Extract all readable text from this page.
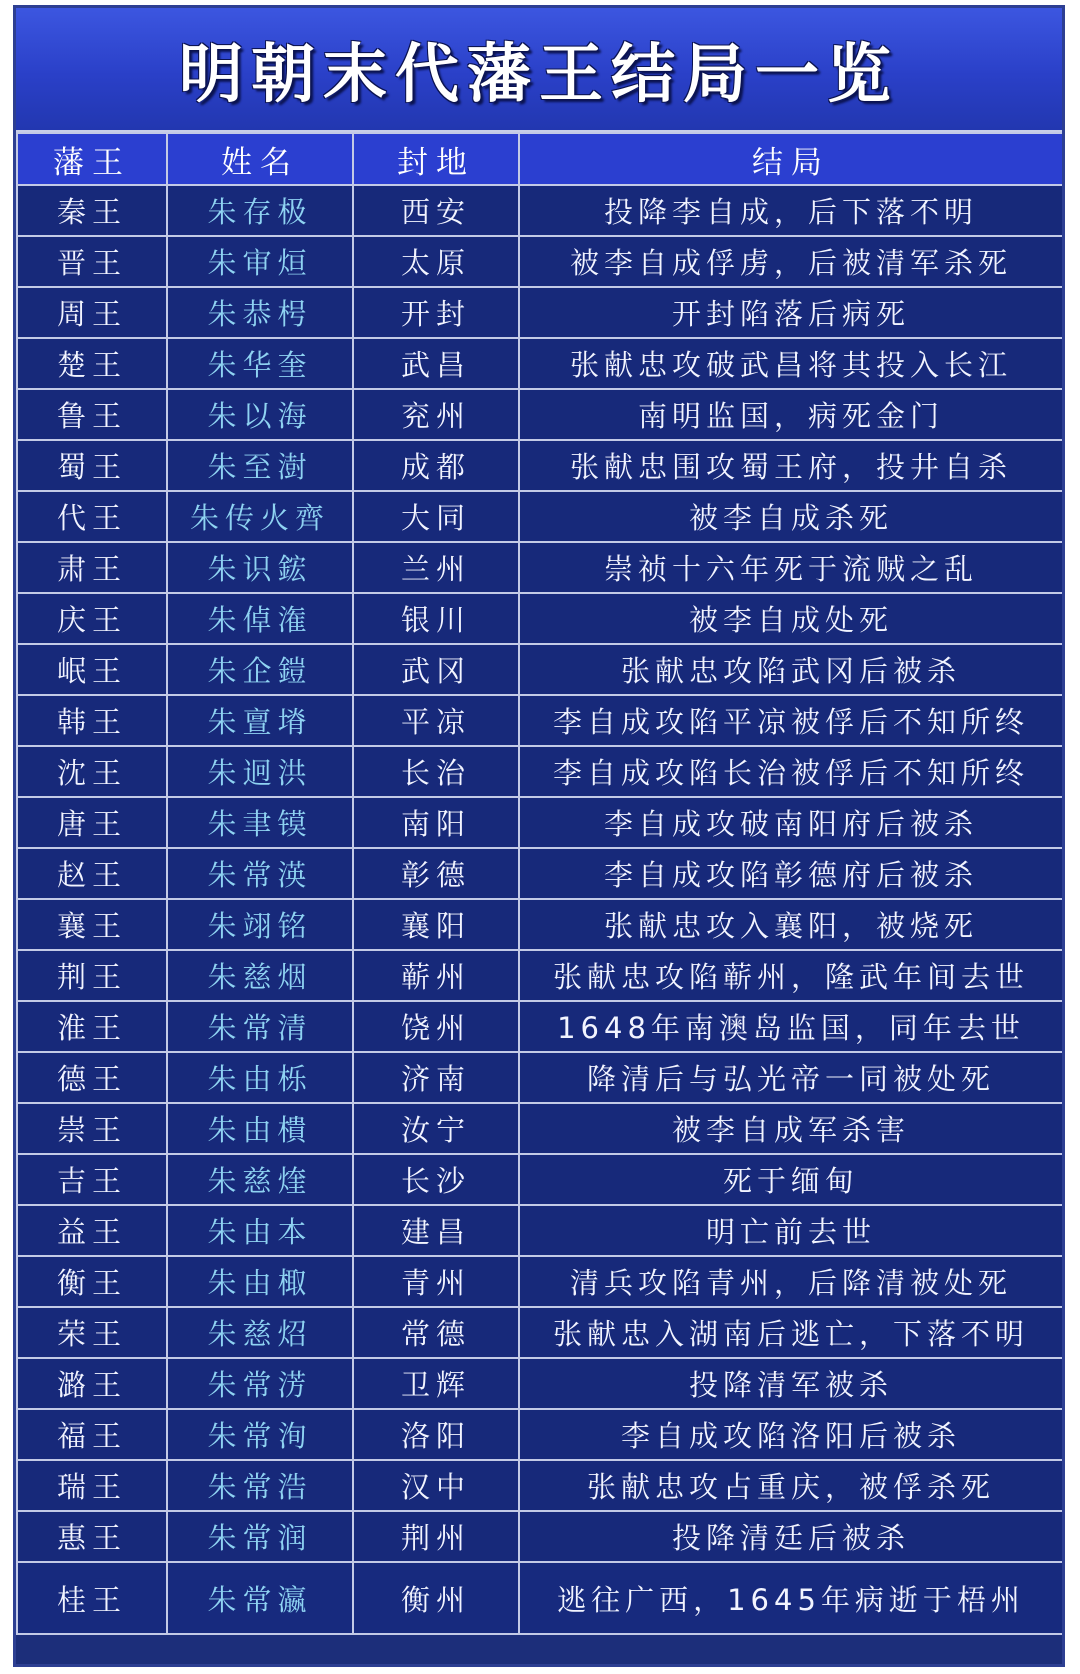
明朝末代藩王结局一览
藩王	姓名	封地	结局
秦王	朱存极	西安	投降李自成，后下落不明
晋王	朱审烜	太原	被李自成俘虏，后被清军杀死
周王	朱恭枵	开封	开封陷落后病死
楚王	朱华奎	武昌	张献忠攻破武昌将其投入长江
鲁王	朱以海	兖州	南明监国，病死金门
蜀王	朱至澍	成都	张献忠围攻蜀王府，投井自杀
代王	朱传火齊	大同	被李自成杀死
肃王	朱识鋐	兰州	崇祯十六年死于流贼之乱
庆王	朱倬潅	银川	被李自成处死
岷王	朱企鎧	武冈	张献忠攻陷武冈后被杀
韩王	朱亶塉	平凉	李自成攻陷平凉被俘后不知所终
沈王	朱迥洪	长治	李自成攻陷长治被俘后不知所终
唐王	朱聿镆	南阳	李自成攻破南阳府后被杀
赵王	朱常渶	彰德	李自成攻陷彰德府后被杀
襄王	朱翊铭	襄阳	张献忠攻入襄阳，被烧死
荆王	朱慈烟	蕲州	张献忠攻陷蕲州，隆武年间去世
淮王	朱常清	饶州	1648年南澳岛监国，同年去世
德王	朱由栎	济南	降清后与弘光帝一同被处死
崇王	朱由樻	汝宁	被李自成军杀害
吉王	朱慈煃	长沙	死于缅甸
益王	朱由本	建昌	明亡前去世
衡王	朱由棷	青州	清兵攻陷青州，后降清被处死
荣王	朱慈炤	常德	张献忠入湖南后逃亡，下落不明
潞王	朱常淓	卫辉	投降清军被杀
福王	朱常洵	洛阳	李自成攻陷洛阳后被杀
瑞王	朱常浩	汉中	张献忠攻占重庆，被俘杀死
惠王	朱常润	荆州	投降清廷后被杀
桂王	朱常瀛	衡州	逃往广西，1645年病逝于梧州
